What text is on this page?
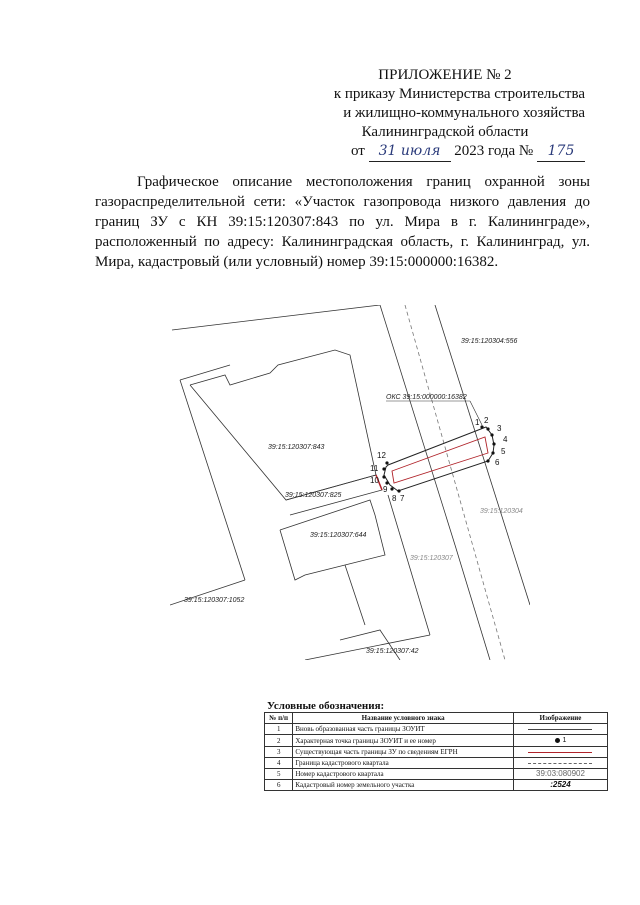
ПРИЛОЖЕНИЕ № 2
к приказу Министерства строительства
и жилищно-коммунального хозяйства
Калининградской области
от 31 июля 2023 года № 175
Графическое описание местоположения границ охранной зоны газораспределительной сети: «Участок газопровода низкого давления до границ ЗУ с КН 39:15:120307:843 по ул. Мира в г. Калининграде», расположенный по адресу: Калининградская область, г. Калининград, ул. Мира, кадастровый (или условный) номер 39:15:000000:16382.
1 2
3
4
5
6
7
8
9
10
11
12
39:15:120304:556
ОКС 39:15:000000:16382
39:15:120307:843
39:15:120307:825
39:15:120304
39:15:120307:644
39:15:120307
39:15:120307:1052
39:15:120307:42
Условные обозначения:
№ п/п	Название условного знака	Изображение
1	Вновь образованная часть границы ЗОУИТ	
2	Характерная точка границы ЗОУИТ и ее номер	1
3	Существующая часть границы ЗУ по сведениям ЕГРН	
4	Граница кадастрового квартала	
5	Номер кадастрового квартала	39:03:080902
6	Кадастровый номер земельного участка	:2524
